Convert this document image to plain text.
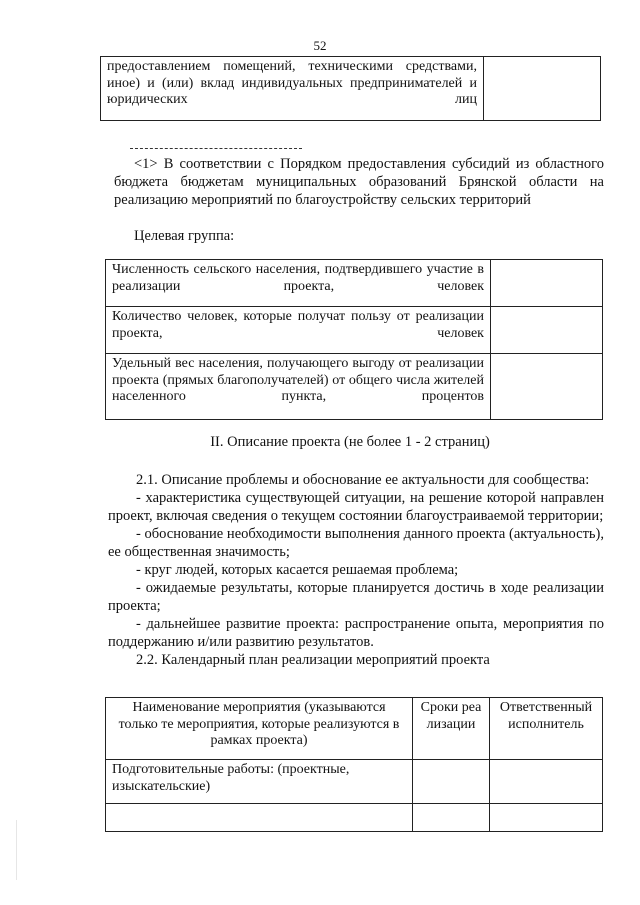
52
предоставлением помещений, техническими средствами, иное) и (или) вклад индивидуальных предпринимателей и юридических лиц	
<1> В соответствии с Порядком предоставления субсидий из областного бюджета бюджетам муниципальных образований Брянской области на реализацию мероприятий по благоустройству сельских территорий
Целевая группа:
Численность сельского населения, подтвердившего участие в реализации проекта, человек	
Количество человек, которые получат пользу от реализации проекта, человек	
Удельный вес населения, получающего выгоду от реализации проекта (прямых благополучателей) от общего числа жителей населенного пункта, процентов	
II. Описание проекта (не более 1 - 2 страниц)
2.1. Описание проблемы и обоснование ее актуальности для сообщества:
- характеристика существующей ситуации, на решение которой направлен проект, включая сведения о текущем состоянии благоустраиваемой территории;
- обоснование необходимости выполнения данного проекта (актуальность), ее общественная значимость;
- круг людей, которых касается решаемая проблема;
- ожидаемые результаты, которые планируется достичь в ходе реализации проекта;
- дальнейшее развитие проекта: распространение опыта, мероприятия по поддержанию и/или развитию результатов.
2.2. Календарный план реализации мероприятий проекта
Наименование мероприятия (указываются только те мероприятия, которые реализуются в рамках проекта)	Сроки реализации	Ответственный исполнитель
Подготовительные работы: (проектные, изыскательские)		
